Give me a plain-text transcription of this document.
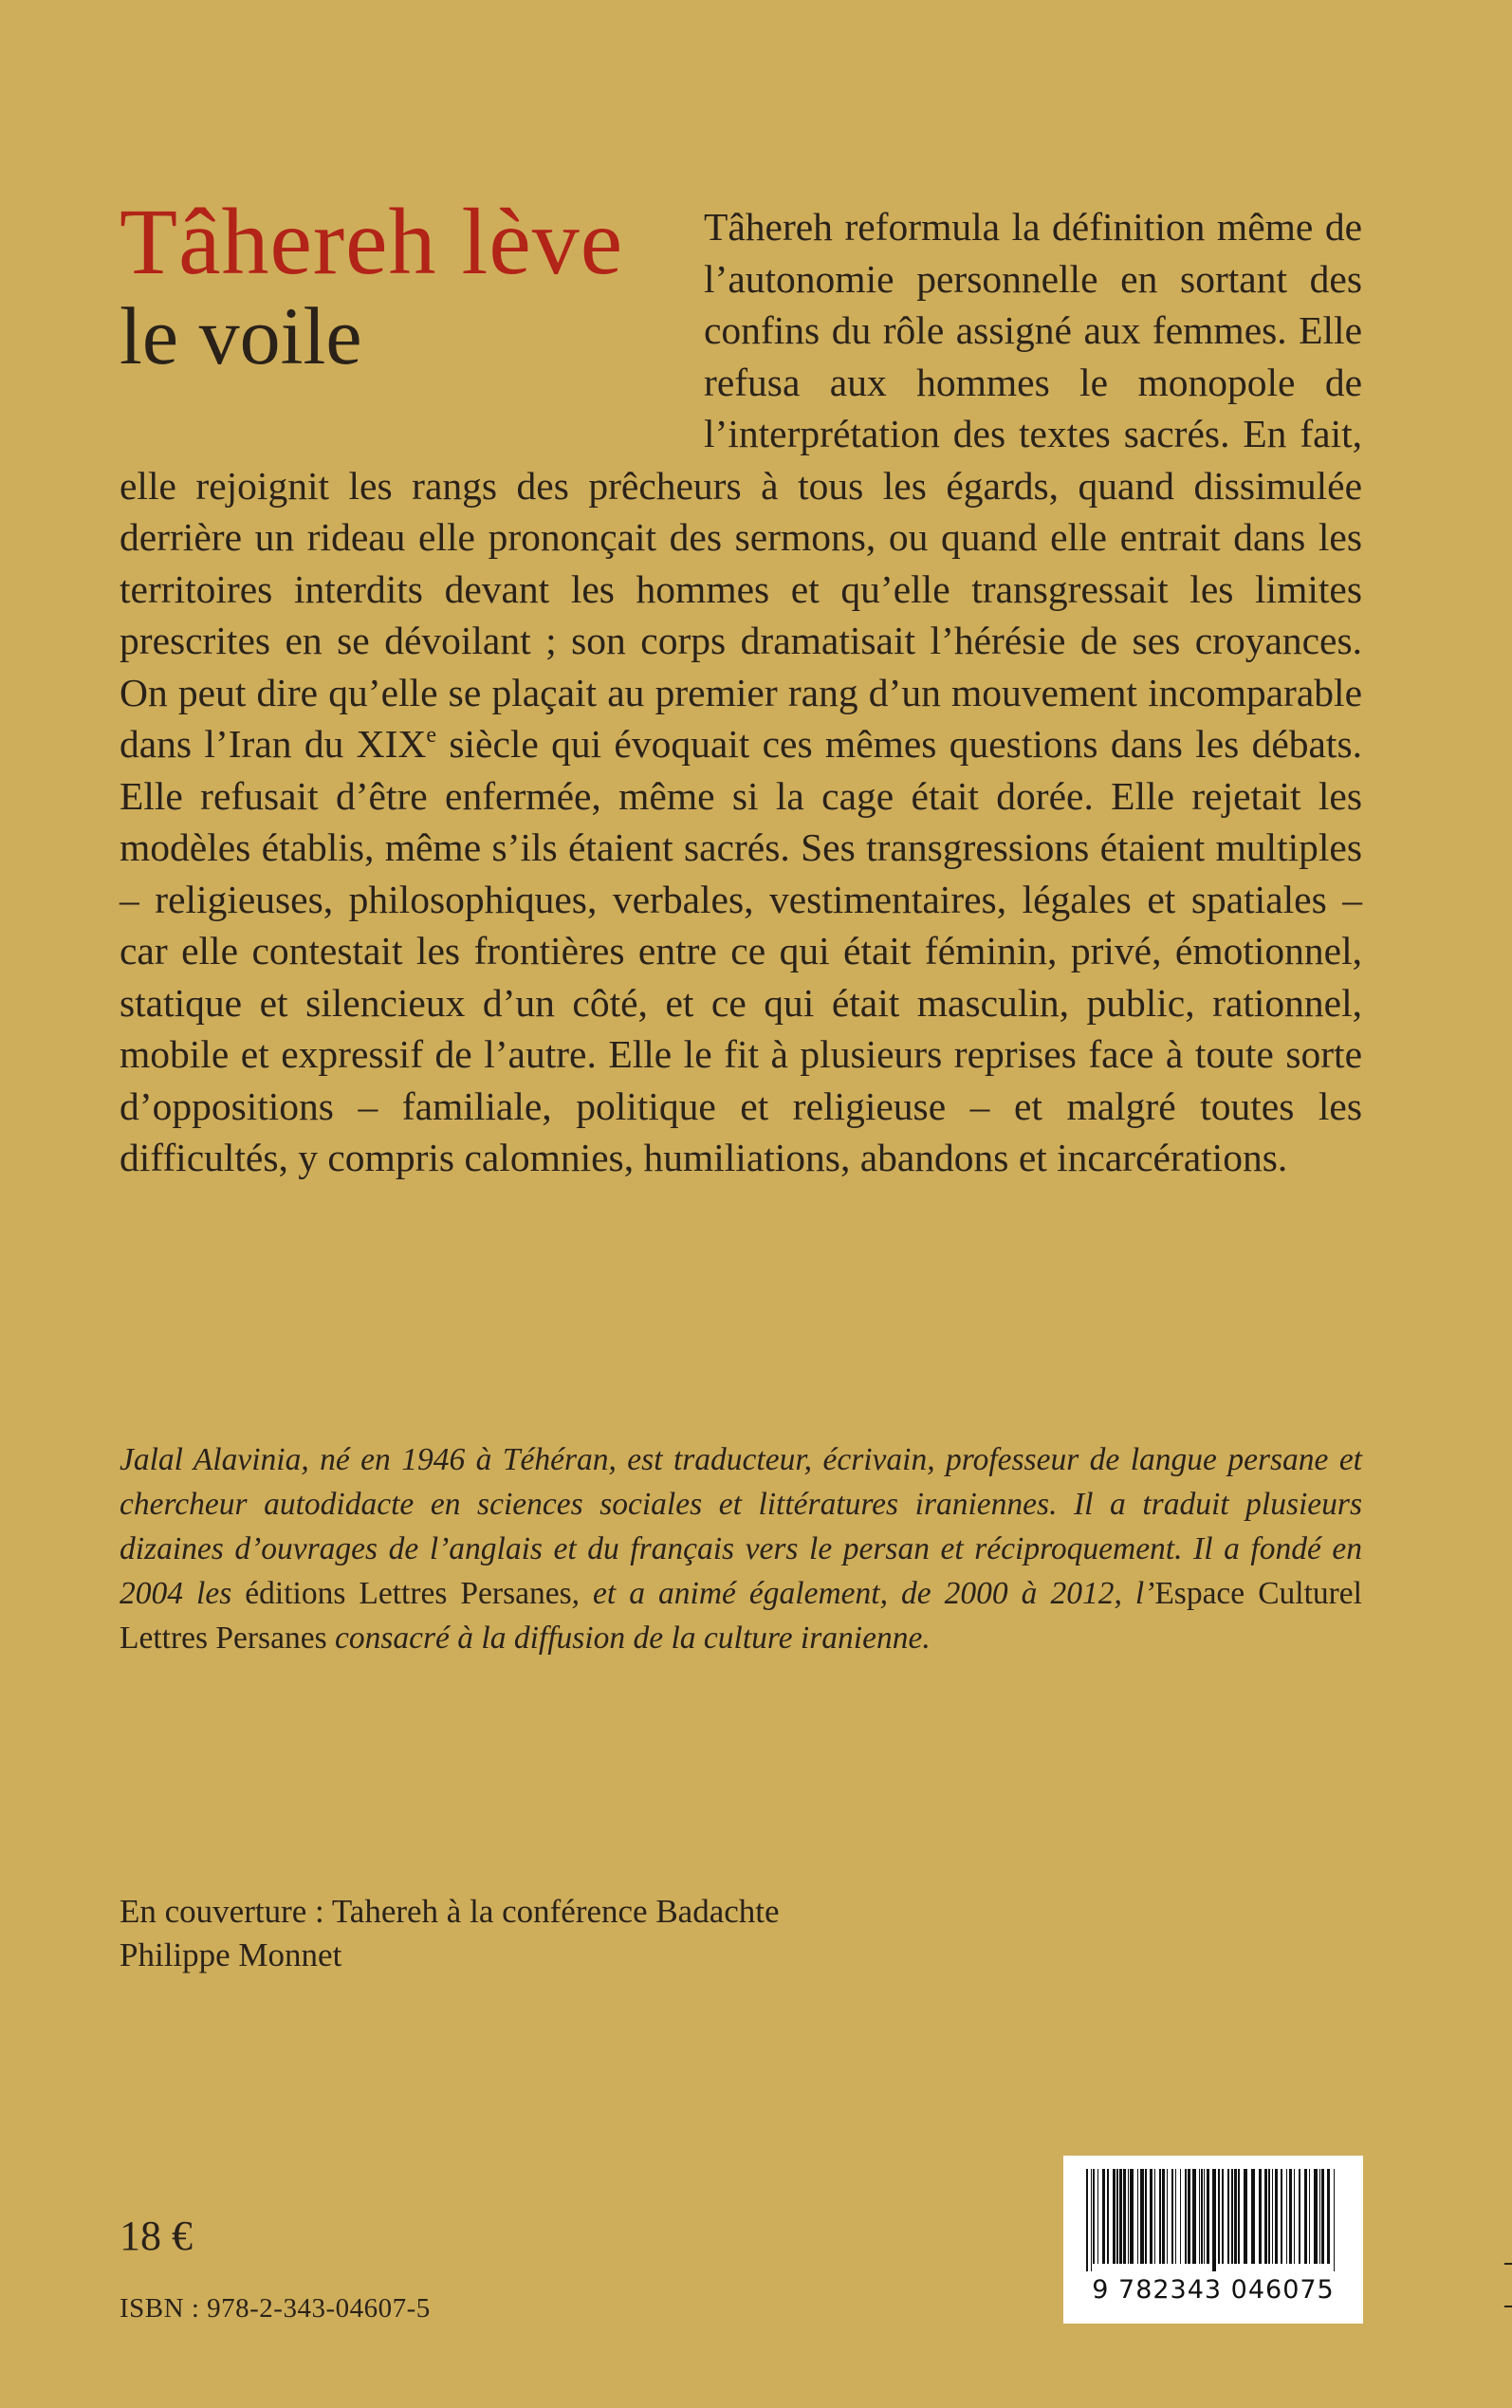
Tâhereh lève
le voile

Tâhereh reformula la définition même de l’autonomie personnelle en sortant des confins du rôle assigné aux femmes. Elle refusa aux hommes le monopole de l’interprétation des textes sacrés. En fait, elle rejoignit les rangs des prêcheurs à tous les égards, quand dissimulée derrière un rideau elle prononçait des sermons, ou quand elle entrait dans les territoires interdits devant les hommes et qu’elle transgressait les limites prescrites en se dévoilant ; son corps dramatisait l’hérésie de ses croyances. On peut dire qu’elle se plaçait au premier rang d’un mouvement incomparable dans l’Iran du XIXe siècle qui évoquait ces mêmes questions dans les débats. Elle refusait d’être enfermée, même si la cage était dorée. Elle rejetait les modèles établis, même s’ils étaient sacrés. Ses transgressions étaient multiples – religieuses, philosophiques, verbales, vestimentaires, légales et spatiales – car elle contestait les frontières entre ce qui était féminin, privé, émotionnel, statique et silencieux d’un côté, et ce qui était masculin, public, rationnel, mobile et expressif de l’autre. Elle le fit à plusieurs reprises face à toute sorte d’oppositions – familiale, politique et religieuse – et malgré toutes les difficultés, y compris calomnies, humiliations, abandons et incarcérations.

Jalal Alavinia, né en 1946 à Téhéran, est traducteur, écrivain, professeur de langue persane et chercheur autodidacte en sciences sociales et littératures iraniennes. Il a traduit plusieurs dizaines d’ouvrages de l’anglais et du français vers le persan et réciproquement. Il a fondé en 2004 les éditions Lettres Persanes, et a animé également, de 2000 à 2012, l’Espace Culturel Lettres Persanes consacré à la diffusion de la culture iranienne.

En couverture : Tahereh à la conférence Badachte
Philippe Monnet
18 €
ISBN : 978-2-343-04607-5
9 782343 046075
